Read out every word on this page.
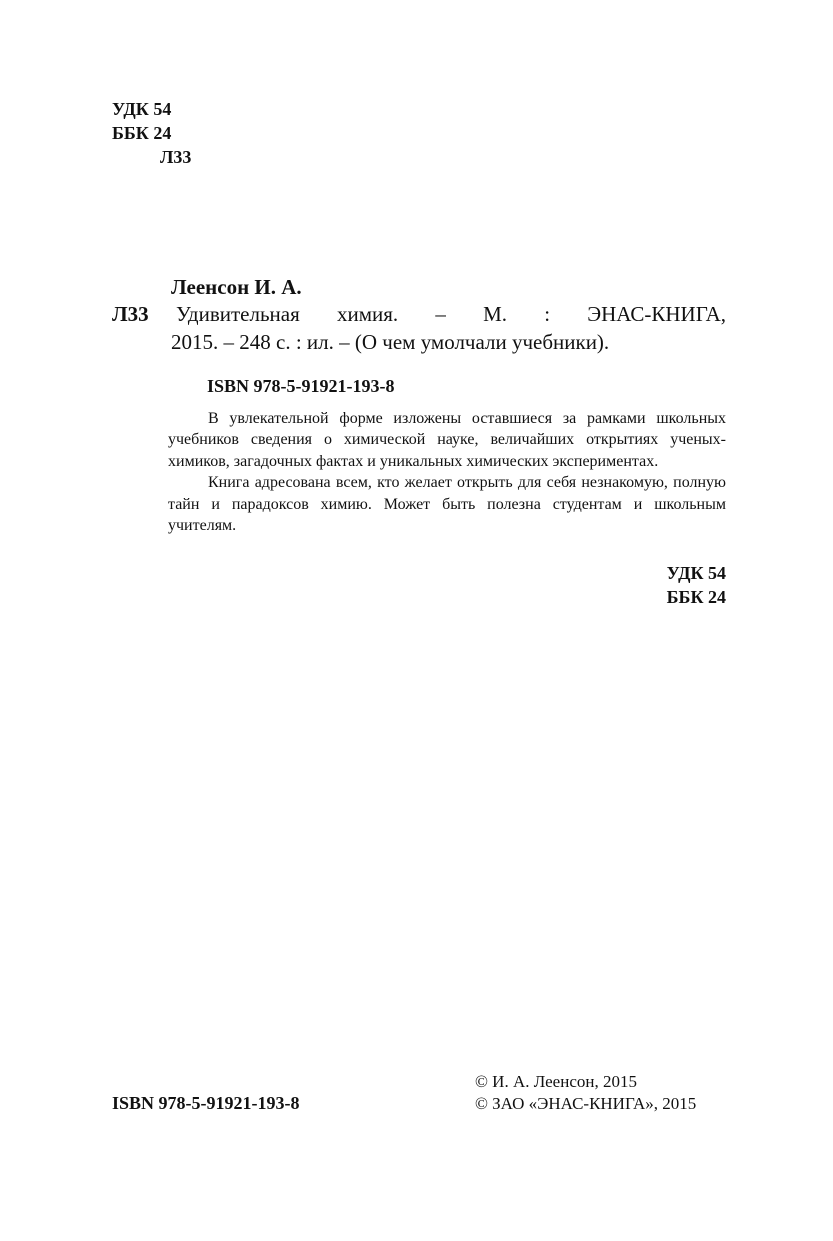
УДК 54
ББК 24
Л33
Леенсон И. А.
Л33 Удивительная химия. – М. : ЭНАС-КНИГА,
2015. – 248 с. : ил. – (О чем умолчали учебники).
ISBN 978-5-91921-193-8

В увлекательной форме изложены оставшиеся за рамками школьных учебников сведения о химической науке, величайших открытиях ученых-химиков, загадочных фактах и уникальных химических экспериментах.

Книга адресована всем, кто желает открыть для себя незнакомую, полную тайн и парадоксов химию. Может быть полезна студентам и школьным учителям.

УДК 54
ББК 24
ISBN 978-5-91921-193-8
© И. А. Леенсон, 2015
© ЗАО «ЭНАС-КНИГА», 2015
